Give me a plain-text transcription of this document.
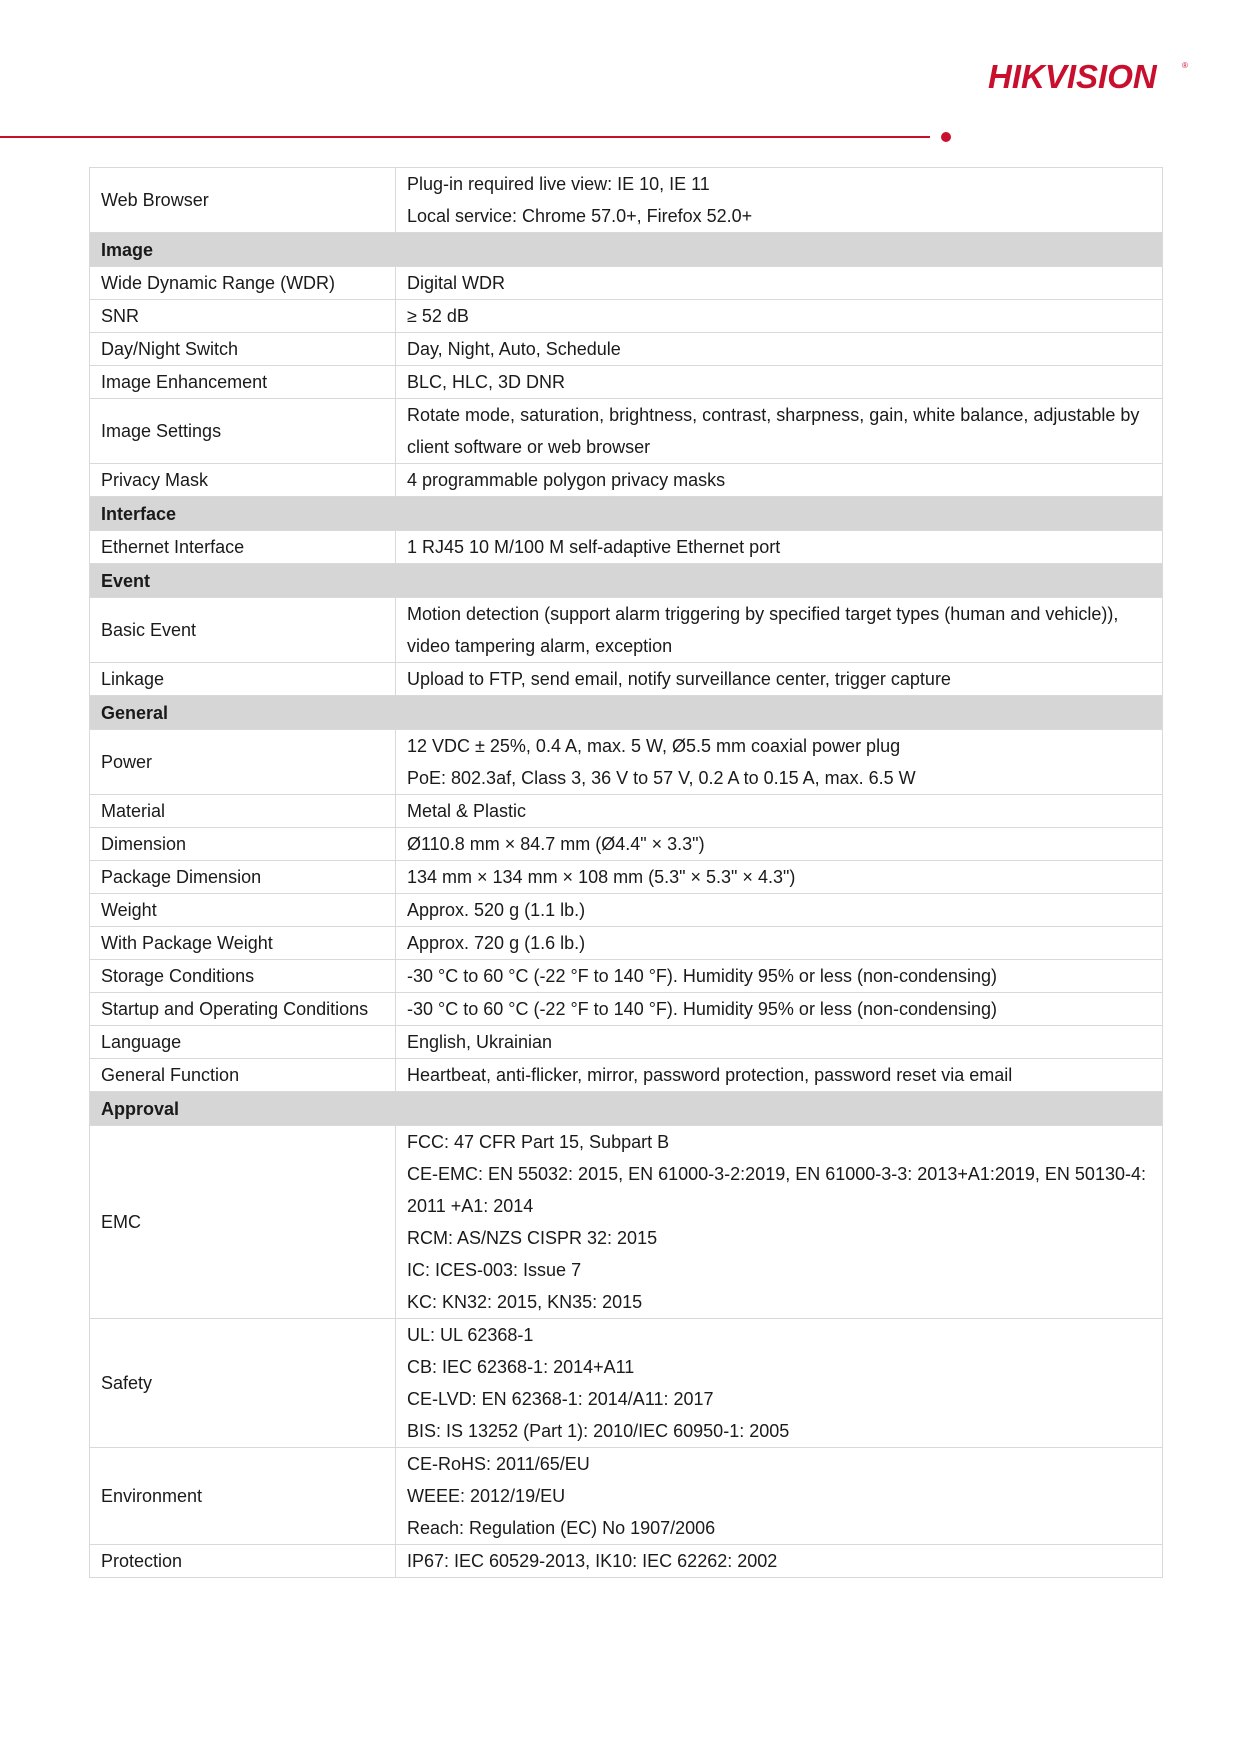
HIKVISION	®
Web Browser	Plug-in required live view: IE 10, IE 11
Local service: Chrome 57.0+, Firefox 52.0+

Image	
Wide Dynamic Range (WDR)	Digital WDR

SNR	≥ 52 dB

Day/Night Switch	Day, Night, Auto, Schedule

Image Enhancement	BLC, HLC, 3D DNR

Image Settings	Rotate mode, saturation, brightness, contrast, sharpness, gain, white balance, adjustable by client software or web browser

Privacy Mask	4 programmable polygon privacy masks

Interface	
Ethernet Interface	1 RJ45 10 M/100 M self-adaptive Ethernet port

Event	
Basic Event	Motion detection (support alarm triggering by specified target types (human and vehicle)), video tampering alarm, exception

Linkage	Upload to FTP, send email, notify surveillance center, trigger capture

General	
Power	12 VDC ± 25%, 0.4 A, max. 5 W, Ø5.5 mm coaxial power plug
PoE: 802.3af, Class 3, 36 V to 57 V, 0.2 A to 0.15 A, max. 6.5 W

Material	Metal & Plastic

Dimension	Ø110.8 mm × 84.7 mm (Ø4.4" × 3.3")

Package Dimension	134 mm × 134 mm × 108 mm (5.3" × 5.3" × 4.3")

Weight	Approx. 520 g (1.1 lb.)

With Package Weight	Approx. 720 g (1.6 lb.)

Storage Conditions	-30 °C to 60 °C (-22 °F to 140 °F). Humidity 95% or less (non-condensing)

Startup and Operating Conditions	-30 °C to 60 °C (-22 °F to 140 °F). Humidity 95% or less (non-condensing)

Language	English, Ukrainian

General Function	Heartbeat, anti-flicker, mirror, password protection, password reset via email

Approval	
EMC	FCC: 47 CFR Part 15, Subpart B
CE-EMC: EN 55032: 2015, EN 61000-3-2:2019, EN 61000-3-3: 2013+A1:2019, EN 50130-4: 2011 +A1: 2014
RCM: AS/NZS CISPR 32: 2015
IC: ICES-003: Issue 7
KC: KN32: 2015, KN35: 2015

Safety	UL: UL 62368-1
CB: IEC 62368-1: 2014+A11
CE-LVD: EN 62368-1: 2014/A11: 2017
BIS: IS 13252 (Part 1): 2010/IEC 60950-1: 2005

Environment	CE-RoHS: 2011/65/EU
WEEE: 2012/19/EU
Reach: Regulation (EC) No 1907/2006

Protection	IP67: IEC 60529-2013, IK10: IEC 62262: 2002
